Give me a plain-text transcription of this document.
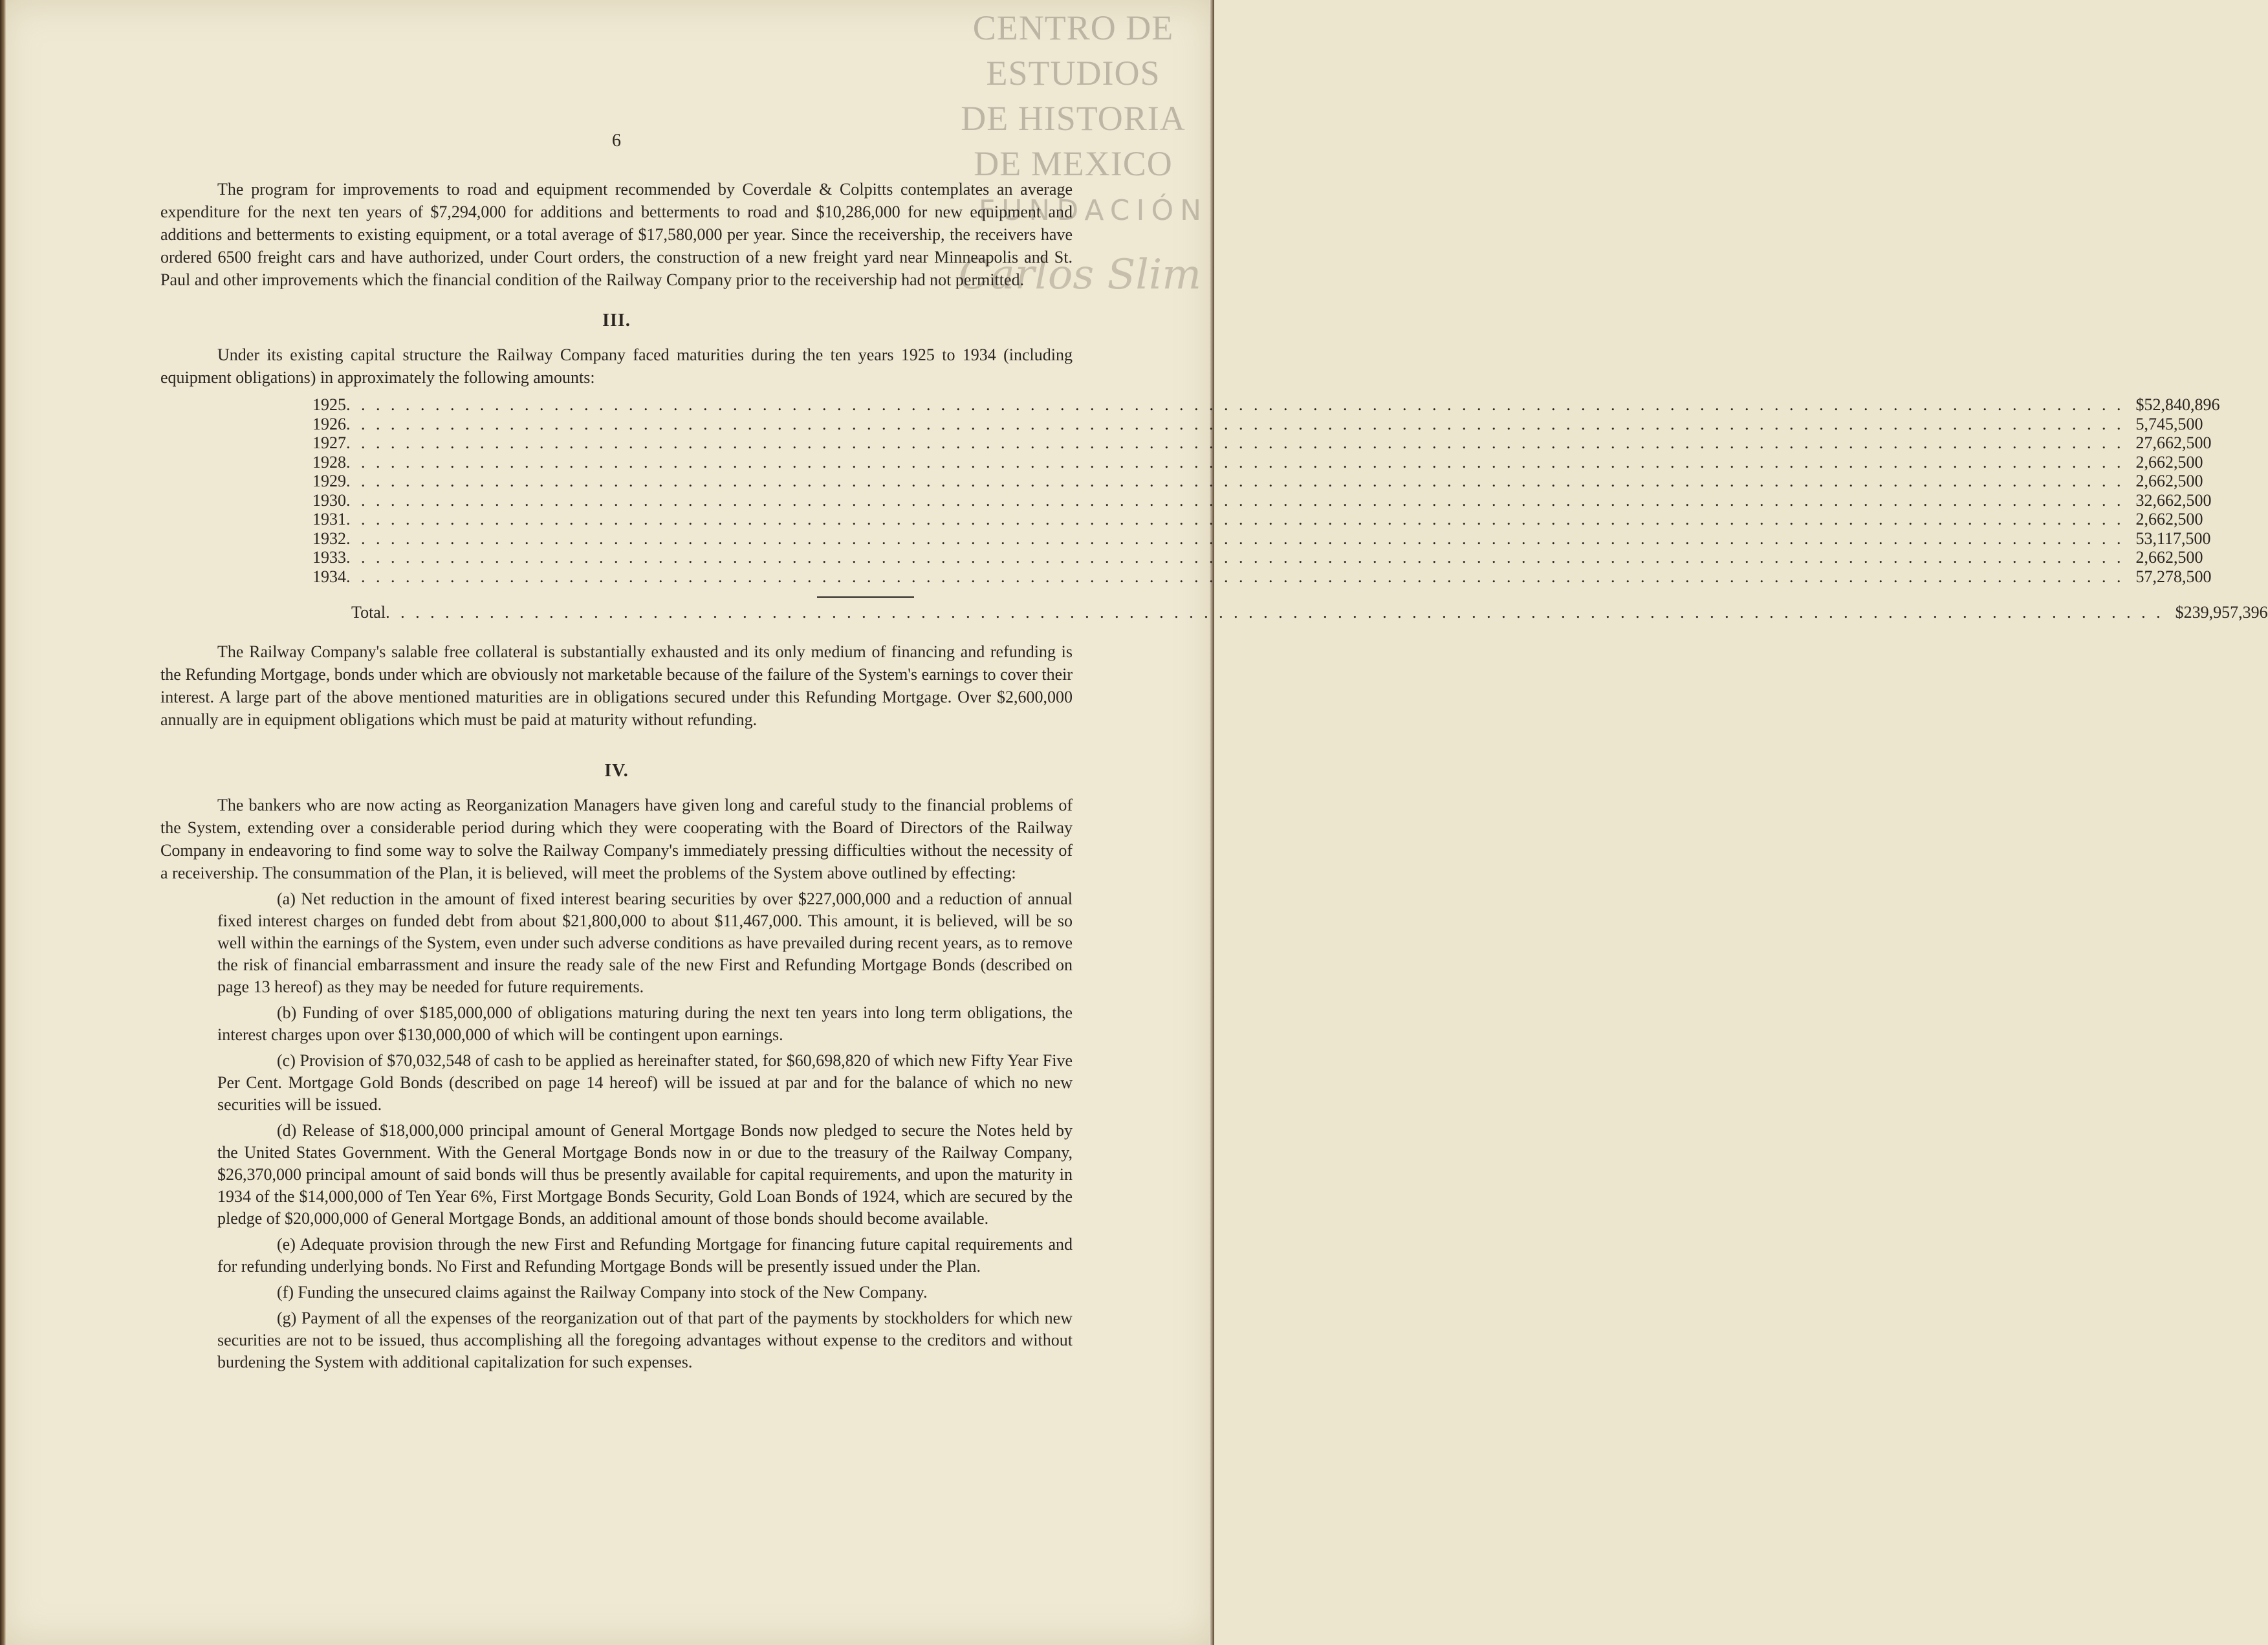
CENTRO DE
ESTUDIOS
DE HISTORIA
DE MEXICO
FUNDACIÓN
Carlos Slim
6

The program for improvements to road and equipment recommended by Coverdale & Colpitts contemplates an average expenditure for the next ten years of $7,294,000 for additions and betterments to road and $10,286,000 for new equipment and additions and betterments to existing equipment, or a total average of $17,580,000 per year. Since the receivership, the receivers have ordered 6500 freight cars and have authorized, under Court orders, the construction of a new freight yard near Minneapolis and St. Paul and other improvements which the financial condition of the Railway Company prior to the receivership had not permitted.

III.

Under its existing capital structure the Railway Company faced maturities during the ten years 1925 to 1934 (including equipment obligations) in approximately the following amounts:

1925 . . . . . . . . . . . . . . . . . . . . . . . . . . . . . . . . . . . . . . . . . . . . . . . . . . . . . . . . . . . . . . . . . . . . . . . . . . . . . . . . . . . . . . . . . . . . . . . . . . . . . . . . . . . . . . . . . . . . . . . . $52,840,896
1926 . . . . . . . . . . . . . . . . . . . . . . . . . . . . . . . . . . . . . . . . . . . . . . . . . . . . . . . . . . . . . . . . . . . . . . . . . . . . . . . . . . . . . . . . . . . . . . . . . . . . . . . . . . . . . . . . . . . . . . . . 5,745,500
1927 . . . . . . . . . . . . . . . . . . . . . . . . . . . . . . . . . . . . . . . . . . . . . . . . . . . . . . . . . . . . . . . . . . . . . . . . . . . . . . . . . . . . . . . . . . . . . . . . . . . . . . . . . . . . . . . . . . . . . . . . 27,662,500
1928 . . . . . . . . . . . . . . . . . . . . . . . . . . . . . . . . . . . . . . . . . . . . . . . . . . . . . . . . . . . . . . . . . . . . . . . . . . . . . . . . . . . . . . . . . . . . . . . . . . . . . . . . . . . . . . . . . . . . . . . . 2,662,500
1929 . . . . . . . . . . . . . . . . . . . . . . . . . . . . . . . . . . . . . . . . . . . . . . . . . . . . . . . . . . . . . . . . . . . . . . . . . . . . . . . . . . . . . . . . . . . . . . . . . . . . . . . . . . . . . . . . . . . . . . . . 2,662,500
1930 . . . . . . . . . . . . . . . . . . . . . . . . . . . . . . . . . . . . . . . . . . . . . . . . . . . . . . . . . . . . . . . . . . . . . . . . . . . . . . . . . . . . . . . . . . . . . . . . . . . . . . . . . . . . . . . . . . . . . . . . 32,662,500
1931 . . . . . . . . . . . . . . . . . . . . . . . . . . . . . . . . . . . . . . . . . . . . . . . . . . . . . . . . . . . . . . . . . . . . . . . . . . . . . . . . . . . . . . . . . . . . . . . . . . . . . . . . . . . . . . . . . . . . . . . . 2,662,500
1932 . . . . . . . . . . . . . . . . . . . . . . . . . . . . . . . . . . . . . . . . . . . . . . . . . . . . . . . . . . . . . . . . . . . . . . . . . . . . . . . . . . . . . . . . . . . . . . . . . . . . . . . . . . . . . . . . . . . . . . . . 53,117,500
1933 . . . . . . . . . . . . . . . . . . . . . . . . . . . . . . . . . . . . . . . . . . . . . . . . . . . . . . . . . . . . . . . . . . . . . . . . . . . . . . . . . . . . . . . . . . . . . . . . . . . . . . . . . . . . . . . . . . . . . . . . 2,662,500
1934 . . . . . . . . . . . . . . . . . . . . . . . . . . . . . . . . . . . . . . . . . . . . . . . . . . . . . . . . . . . . . . . . . . . . . . . . . . . . . . . . . . . . . . . . . . . . . . . . . . . . . . . . . . . . . . . . . . . . . . . . 57,278,500
Total . . . . . . . . . . . . . . . . . . . . . . . . . . . . . . . . . . . . . . . . . . . . . . . . . . . . . . . . . . . . . . . . . . . . . . . . . . . . . . . . . . . . . . . . . . . . . . . . . . . . . . . . . . . . . . . . . . . . . . . . $239,957,396

The Railway Company's salable free collateral is substantially exhausted and its only medium of financing and refunding is the Refunding Mortgage, bonds under which are obviously not marketable because of the failure of the System's earnings to cover their interest. A large part of the above mentioned maturities are in obligations secured under this Refunding Mortgage. Over $2,600,000 annually are in equipment obligations which must be paid at maturity without refunding.

IV.

The bankers who are now acting as Reorganization Managers have given long and careful study to the financial problems of the System, extending over a considerable period during which they were cooperating with the Board of Directors of the Railway Company in endeavoring to find some way to solve the Railway Company's immediately pressing difficulties without the necessity of a receivership. The consummation of the Plan, it is believed, will meet the problems of the System above outlined by effecting:

(a) Net reduction in the amount of fixed interest bearing securities by over $227,000,000 and a reduction of annual fixed interest charges on funded debt from about $21,800,000 to about $11,467,000. This amount, it is believed, will be so well within the earnings of the System, even under such adverse conditions as have prevailed during recent years, as to remove the risk of financial embarrassment and insure the ready sale of the new First and Refunding Mortgage Bonds (described on page 13 hereof) as they may be needed for future requirements.

(b) Funding of over $185,000,000 of obligations maturing during the next ten years into long term obligations, the interest charges upon over $130,000,000 of which will be contingent upon earnings.

(c) Provision of $70,032,548 of cash to be applied as hereinafter stated, for $60,698,820 of which new Fifty Year Five Per Cent. Mortgage Gold Bonds (described on page 14 hereof) will be issued at par and for the balance of which no new securities will be issued.

(d) Release of $18,000,000 principal amount of General Mortgage Bonds now pledged to secure the Notes held by the United States Government. With the General Mortgage Bonds now in or due to the treasury of the Railway Company, $26,370,000 principal amount of said bonds will thus be presently available for capital requirements, and upon the maturity in 1934 of the $14,000,000 of Ten Year 6%, First Mortgage Bonds Security, Gold Loan Bonds of 1924, which are secured by the pledge of $20,000,000 of General Mortgage Bonds, an additional amount of those bonds should become available.

(e) Adequate provision through the new First and Refunding Mortgage for financing future capital requirements and for refunding underlying bonds. No First and Refunding Mortgage Bonds will be presently issued under the Plan.

(f) Funding the unsecured claims against the Railway Company into stock of the New Company.

(g) Payment of all the expenses of the reorganization out of that part of the payments by stockholders for which new securities are not to be issued, thus accomplishing all the foregoing advantages without expense to the creditors and without burdening the System with additional capitalization for such expenses.
